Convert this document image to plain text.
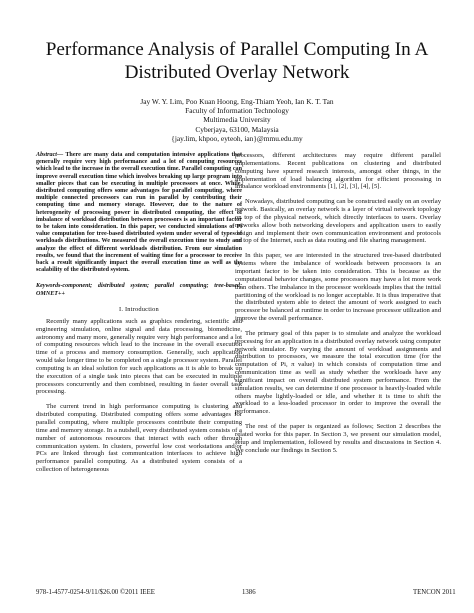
Performance Analysis of Parallel Computing In A
Distributed Overlay Network
Jay W. Y. Lim, Poo Kuan Hoong, Eng-Thiam Yeoh, Ian K. T. Tan
Faculty of Information Technology
Multimedia University
Cyberjaya, 63100, Malaysia
{jay.lim, khpoo, eyteoh, ian}@mmu.edu.my

Abstract— There are many data and computation intensive applications that generally require very high performance and a lot of computing resources which lead to the increase in the overall execution time. Parallel computing can improve overall execution time which involves breaking up large program into smaller pieces that can be executing in multiple processors at once. While, distributed computing offers some advantages for parallel computing, where multiple connected processors can run in parallel by contributing their computing time and memory storage. However, due to the nature of heterogeneity of processing power in distributed computing, the effect of imbalance of workload distribution between processors is an important factor to be taken into consideration. In this paper, we conducted simulations of Pi value computation for tree-based distributed system under several of types of workloads distributions. We measured the overall execution time to study and analyze the effect of different workloads distribution. From our simulation results, we found that the increment of waiting time for a processor to receive back a result significantly impact the overall execution time as well as the scalability of the distributed system.

Keywords-component; distributed system; parallel computing; tree-based; OMNET++

I. Introduction

Recently many applications such as graphics rendering, scientific and engineering simulation, online signal and data processing, biomedicine, astronomy and many more, generally require very high performance and a lot of computing resources which lead to the increase in the overall execution time of a process and memory consumption. Generally, such application would take longer time to be completed on a single processor system. Parallel computing is an ideal solution for such applications as it is able to break up the execution of a single task into pieces that can be executed in multiple processors concurrently and then combined, resulting in faster overall task processing.

The current trend in high performance computing is clustering and distributed computing. Distributed computing offers some advantages for parallel computing, where multiple processors contribute their computing time and memory storage. In a nutshell, every distributed system consists of a number of autonomous resources that interact with each other through communication system. In clusters, powerful low cost workstations and/or PCs are linked through fast communication interfaces to achieve high performance parallel computing. As a distributed system consists of a collection of heterogeneous

processors, different architectures may require different parallel implementations. Recent publications on clustering and distributed computing have spurred research interests, amongst other things, in the implementation of load balancing algorithm for efficient processing in imbalance workload environments [1], [2], [3], [4], [5].

Nowadays, distributed computing can be constructed easily on an overlay network. Basically, an overlay network is a layer of virtual network topology on top of the physical network, which directly interfaces to users. Overlay networks allow both networking developers and application users to easily design and implement their own communication environment and protocols on top of the Internet, such as data routing and file sharing management.

In this paper, we are interested in the structured tree-based distributed systems where the imbalance of workloads between processors is an important factor to be taken into consideration. This is because as the computational behavior changes, some processors may have a lot more work than others. The imbalance in the processor workloads implies that the initial partitioning of the workload is no longer acceptable. It is thus imperative that the distributed system able to detect the amount of work assigned to each processor be balanced at runtime in order to increase processor utilization and improve the overall performance.

The primary goal of this paper is to simulate and analyze the workload processing for an application in a distributed overlay network using computer network simulator. By varying the amount of workload assignments and distribution to processors, we measure the total execution time (for the computation of Pi, π value) in which consists of computation time and communication time as well as study whether the workloads have any significant impact on overall distributed system performance. From the simulation results, we can determine if one processor is heavily-loaded while others maybe lightly-loaded or idle, and whether it is time to shift the workload to a less-loaded processor in order to improve the overall the performance.

The rest of the paper is organized as follows; Section 2 describes the related works for this paper. In Section 3, we present our simulation model, setup and implementation, followed by results and discussions in Section 4. We conclude our findings in Section 5.

978-1-4577-0254-9/11/$26.00 ©2011 IEEE	1386	TENCON 2011
